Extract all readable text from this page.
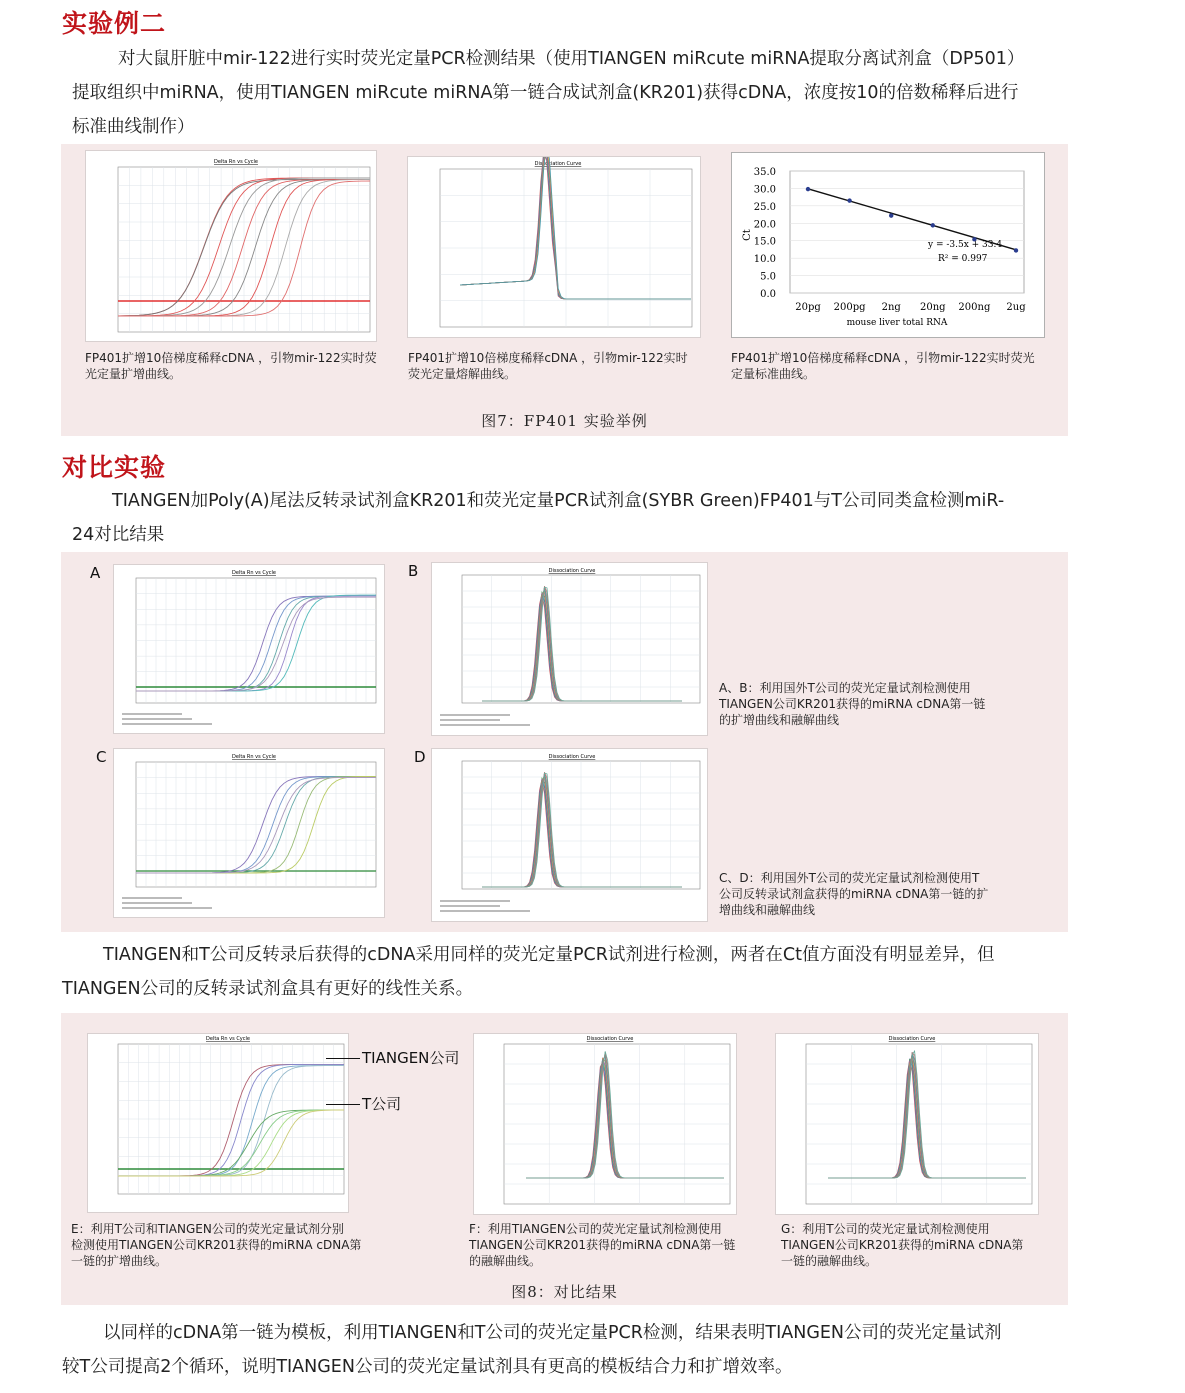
实验例二
对大鼠肝脏中mir-122进行实时荧光定量PCR检测结果（使用TIANGEN miRcute miRNA提取分离试剂盒（DP501）
提取组织中miRNA，使用TIANGEN miRcute miRNA第一链合成试剂盒(KR201)获得cDNA，浓度按10的倍数稀释后进行
标准曲线制作）
Delta Rn vs Cycle	Dissociation Curve
0.0
5.0
10.0
15.0
20.0
25.0
30.0
35.0
20pg 200pg 2ng 20ng 200ng 2ug
mouse liver total RNA
Ct
y = -3.5x + 33.4
R² = 0.997
FP401扩增10倍梯度稀释cDNA ，引物mir-122实时荧
光定量扩增曲线。
FP401扩增10倍梯度稀释cDNA ，引物mir-122实时
荧光定量熔解曲线。
FP401扩增10倍梯度稀释cDNA ，引物mir-122实时荧光
定量标准曲线。
图7：FP401 实验举例
对比实验
TIANGEN加Poly(A)尾法反转录试剂盒KR201和荧光定量PCR试剂盒(SYBR Green)FP401与T公司同类盒检测miR-
24对比结果
A	B
C	D
Delta Rn vs Cycle	Dissociation Curve
Delta Rn vs Cycle	Dissociation Curve
A、B：利用国外T公司的荧光定量试剂检测使用
TIANGEN公司KR201获得的miRNA cDNA第一链
的扩增曲线和融解曲线
C、D：利用国外T公司的荧光定量试剂检测使用T
公司反转录试剂盒获得的miRNA cDNA第一链的扩
增曲线和融解曲线
TIANGEN和T公司反转录后获得的cDNA采用同样的荧光定量PCR试剂进行检测，两者在Ct值方面没有明显差异，但
TIANGEN公司的反转录试剂盒具有更好的线性关系。
Delta Rn vs Cycle
TIANGEN公司
T公司
Dissociation Curve	Dissociation Curve
E：利用T公司和TIANGEN公司的荧光定量试剂分别
检测使用TIANGEN公司KR201获得的miRNA cDNA第
一链的扩增曲线。
F：利用TIANGEN公司的荧光定量试剂检测使用
TIANGEN公司KR201获得的miRNA cDNA第一链
的融解曲线。
G：利用T公司的荧光定量试剂检测使用
TIANGEN公司KR201获得的miRNA cDNA第
一链的融解曲线。
图8：对比结果
以同样的cDNA第一链为模板，利用TIANGEN和T公司的荧光定量PCR检测，结果表明TIANGEN公司的荧光定量试剂
较T公司提高2个循环，说明TIANGEN公司的荧光定量试剂具有更高的模板结合力和扩增效率。
